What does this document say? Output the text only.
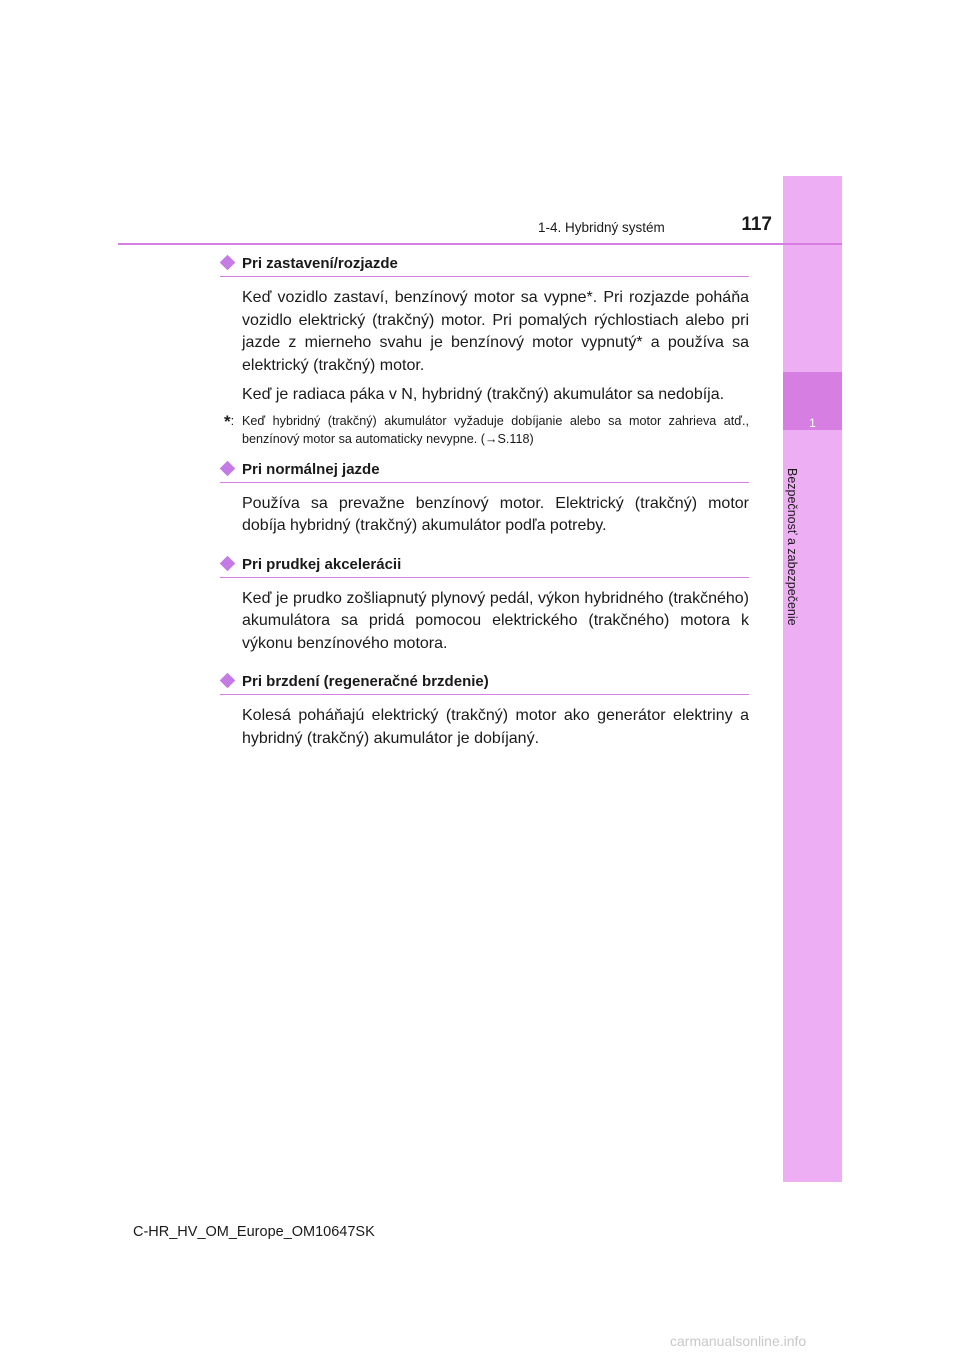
1
Bezpečnosť a zabezpečenie
1-4. Hybridný systém	117
Pri zastavení/rozjazde

Keď vozidlo zastaví, benzínový motor sa vypne*. Pri rozjazde poháňa vozidlo elektrický (trakčný) motor. Pri pomalých rýchlostiach alebo pri jazde z mierneho svahu je benzínový motor vypnutý* a používa sa elektrický (trakčný) motor.

Keď je radiaca páka v N, hybridný (trakčný) akumulátor sa nedobíja.

*: Keď hybridný (trakčný) akumulátor vyžaduje dobíjanie alebo sa motor zahrieva atď., benzínový motor sa automaticky nevypne. (→S.118)
Pri normálnej jazde

Používa sa prevažne benzínový motor. Elektrický (trakčný) motor dobíja hybridný (trakčný) akumulátor podľa potreby.

Pri prudkej akcelerácii

Keď je prudko zošliapnutý plynový pedál, výkon hybridného (trakčného) akumulátora sa pridá pomocou elektrického (trakčného) motora k výkonu benzínového motora.

Pri brzdení (regeneračné brzdenie)

Kolesá poháňajú elektrický (trakčný) motor ako generátor elektriny a hybridný (trakčný) akumulátor je dobíjaný.

C-HR_HV_OM_Europe_OM10647SK
carmanualsonline.info
